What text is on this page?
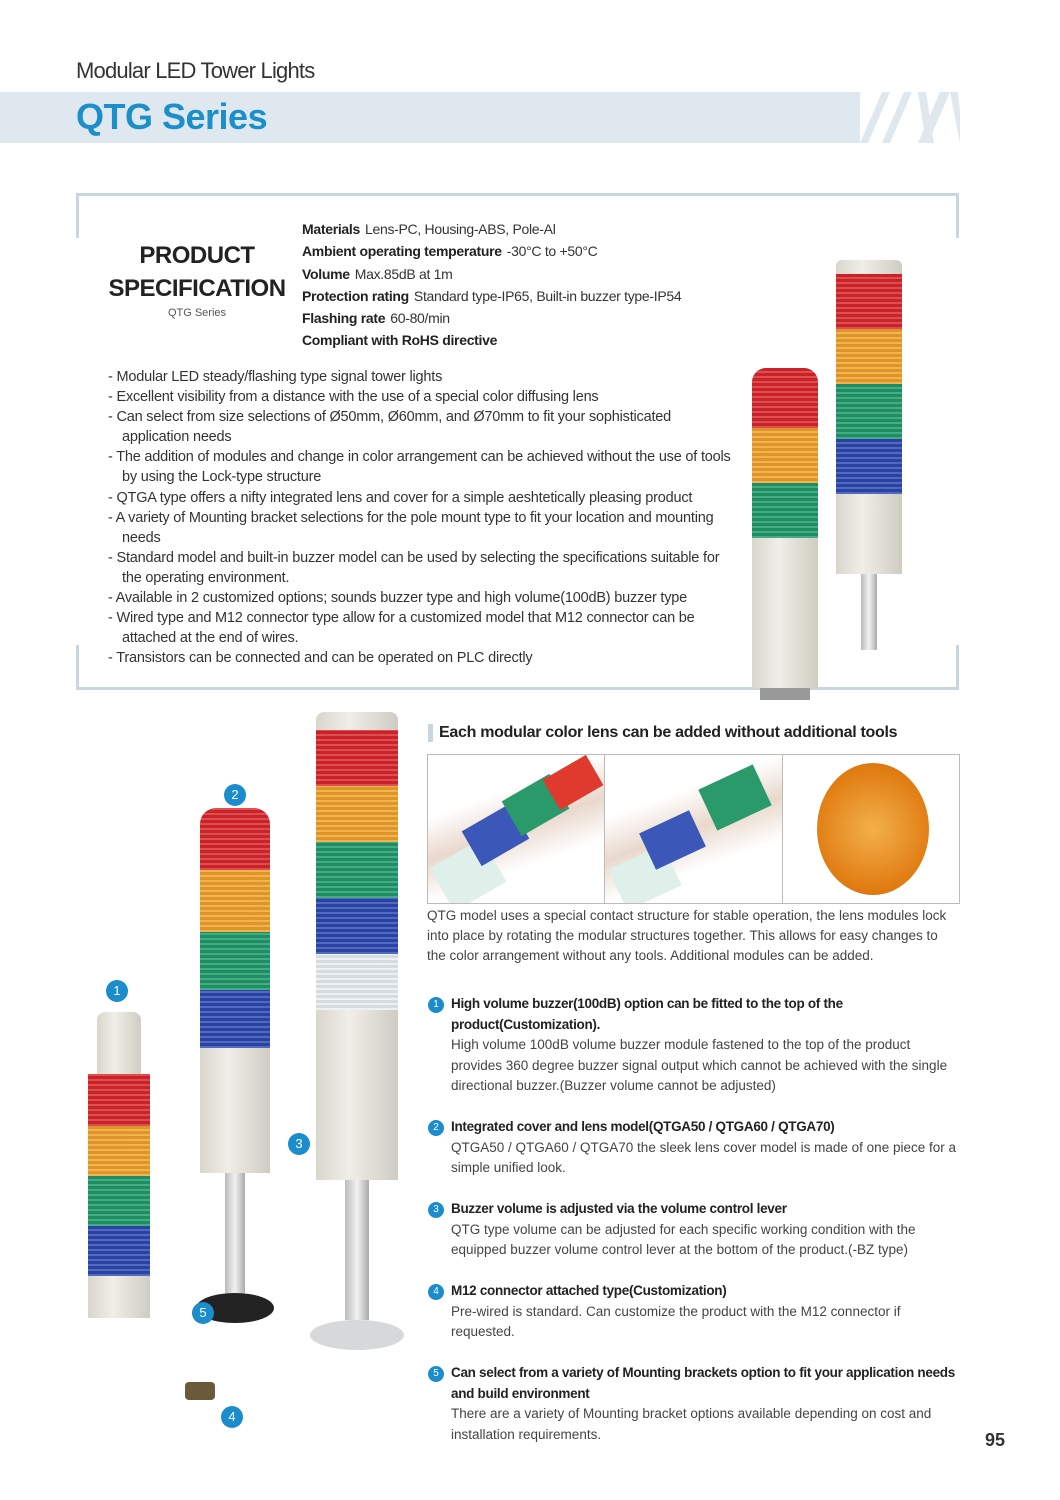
Modular LED Tower Lights
QTG Series
PRODUCT
SPECIFICATION
QTG Series
Materials Lens-PC, Housing-ABS, Pole-Al
Ambient operating temperature -30°C to +50°C
Volume Max.85dB at 1m
Protection rating Standard type-IP65, Built-in buzzer type-IP54
Flashing rate 60-80/min
Compliant with RoHS directive
- Modular LED steady/flashing type signal tower lights
- Excellent visibility from a distance with the use of a special color diffusing lens
- Can select from size selections of Ø50mm, Ø60mm, and Ø70mm to fit your sophisticated application needs
- The addition of modules and change in color arrangement can be achieved without the use of tools by using the Lock-type structure
- QTGA type offers a nifty integrated lens and cover for a simple aeshtetically pleasing product
- A variety of Mounting bracket selections for the pole mount type to fit your location and mounting needs
- Standard model and built-in buzzer model can be used by selecting the specifications suitable for the operating environment.
- Available in 2 customized options; sounds buzzer type and high volume(100dB) buzzer type
- Wired type and M12 connector type allow for a customized model that M12 connector can be attached at the end of wires.
- Transistors can be connected and can be operated on PLC directly
1
2
3
4
5
Each modular color lens can be added without additional tools
QTG model uses a special contact structure for stable operation, the lens modules lock into place by rotating the modular structures together. This allows for easy changes to the color arrangement without any tools. Additional modules can be added.
1 High volume buzzer(100dB) option can be fitted to the top of the product(Customization).
High volume 100dB volume buzzer module fastened to the top of the product provides 360 degree buzzer signal output which cannot be achieved with the single directional buzzer.(Buzzer volume cannot be adjusted)
2 Integrated cover and lens model(QTGA50 / QTGA60 / QTGA70)
QTGA50 / QTGA60 / QTGA70 the sleek lens cover model is made of one piece for a simple unified look.
3 Buzzer volume is adjusted via the volume control lever
QTG type volume can be adjusted for each specific working condition with the equipped buzzer volume control lever at the bottom of the product.(-BZ type)
4 M12 connector attached type(Customization)
Pre-wired is standard. Can customize the product with the M12 connector if requested.
5 Can select from a variety of Mounting brackets option to fit your application needs and build environment
There are a variety of Mounting bracket options available depending on cost and installation requirements.	95
